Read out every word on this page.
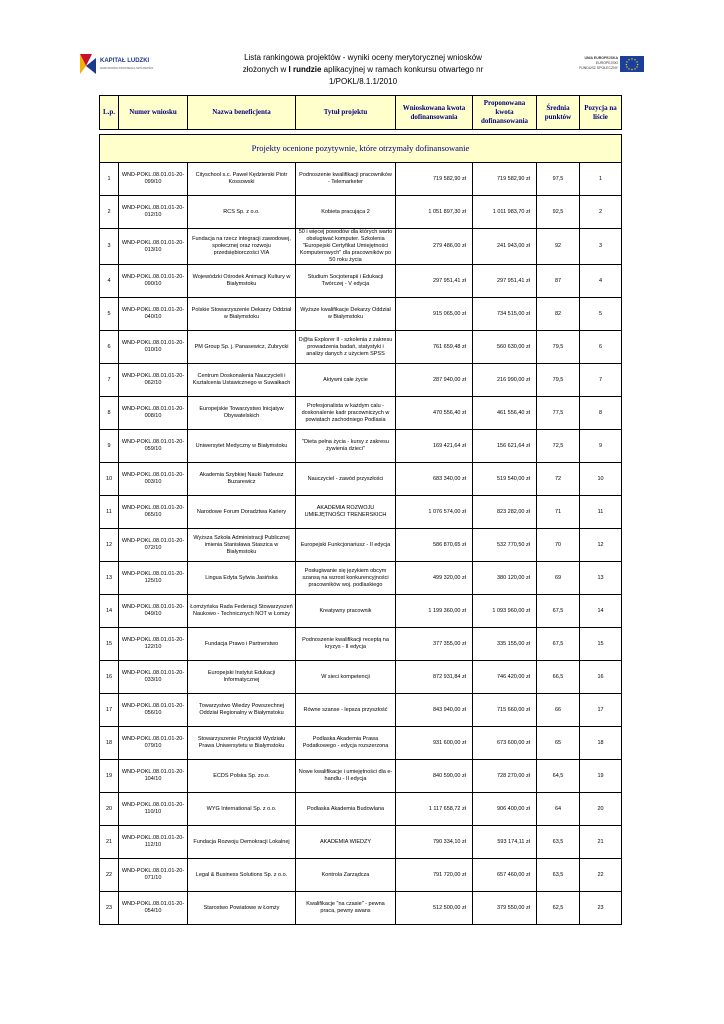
KAPITAŁ LUDZKI
NARODOWA STRATEGIA SPÓJNOŚCI
Lista rankingowa projektów - wyniki oceny merytorycznej wniosków
złożonych w I rundzie aplikacyjnej w ramach konkursu otwartego nr 1/POKL/8.1.1/2010
UNIA EUROPEJSKA
EUROPEJSKI
FUNDUSZ SPOŁECZNY
L.p.	Numer wniosku	Nazwa beneficjenta	Tytuł projektu	Wnioskowana kwota dofinansowania	Proponowana kwota dofinansowania	Średnia punktów	Pozycja na liście

Projekty ocenione pozytywnie, które otrzymały dofinansowanie							
1	WND-POKL.08.01.01-20-099/10	Cityschool s.c. Paweł Kędzierski Piotr Kossowski	Podnoszenie kwalifikacji pracowników - Telemarketer	719 582,90 zł	719 582,90 zł	97,5	1
2	WND-POKL.08.01.01-20-012/10	RCS Sp. z o.o.	Kobieta pracująca 2	1 051 897,30 zł	1 011 983,70 zł	92,5	2
3	WND-POKL.08.01.01-20-013/10	Fundacja na rzecz integracji zawodowej, społecznej oraz rozwoju przedsiębiorczości VIA	50 i więcej powodów dla których warto obsługiwać komputer. Szkolenia "Europejski Certyfikat Umiejętności Komputerowych" dla pracowników po 50 roku życia	279 486,00 zł	241 943,00 zł	92	3
4	WND-POKL.08.01.01-20-090/10	Wojewódzki Ośrodek Animacji Kultury w Białymstoku	Studium Socjoterapii i Edukacji Twórczej - V edycja	297 951,41 zł	297 951,41 zł	87	4
5	WND-POKL.08.01.01-20-040/10	Polskie Stowarzyszenie Dekarzy Oddział w Białymstoku	Wyższe kwalifikacje Dekarzy Oddział w Białymstoku	915 065,00 zł	734 515,00 zł	82	5
6	WND-POKL.08.01.01-20-010/10	PM Group Sp. j. Panasewicz, Zubrycki	D@ta Explorer II - szkolenia z zakresu prowadzenia badań, statystyki i analizy danych z użyciem SPSS	761 659,48 zł	560 630,00 zł	79,5	6
7	WND-POKL.08.01.01-20-062/10	Centrum Doskonalenia Nauczycieli i Kształcenia Ustawicznego w Suwałkach	Aktywni całe życie	287 940,00 zł	216 990,00 zł	79,5	7
8	WND-POKL.08.01.01-20-008/10	Europejskie Towarzystwo Inicjatyw Obywatelskich	Profesjonalista w każdym calu - doskonalenie kadr pracowniczych w powiatach zachodniego Podlasia	470 556,40 zł	461 556,40 zł	77,5	8
9	WND-POKL.08.01.01-20-059/10	Uniwersytet Medyczny w Białymstoku	"Dieta pełna życia - kursy z zakresu żywienia dzieci"	169 421,64 zł	156 621,64 zł	72,5	9
10	WND-POKL.08.01.01-20-003/10	Akademia Szybkiej Nauki Tadeusz Buzarewicz	Nauczyciel - zawód przyszłości	683 340,00 zł	519 540,00 zł	72	10
11	WND-POKL.08.01.01-20-065/10	Narodowe Forum Doradztwa Kariery	AKADEMIA ROZWOJU UMIEJĘTNOŚCI TRENERSKICH	1 076 574,00 zł	823 282,00 zł	71	11
12	WND-POKL.08.01.01-20-072/10	Wyższa Szkoła Administracji Publicznej imienia Stanisława Staszica w Białymstoku	Europejski Funkcjonariusz - II edycja	586 870,65 zł	532 770,50 zł	70	12
13	WND-POKL.08.01.01-20-125/10	Lingua Edyta Sylwia Jasińska	Posługiwanie się językiem obcym szansą na wzrost konkurencyjności pracowników woj. podlaskiego	499 320,00 zł	380 120,00 zł	69	13
14	WND-POKL.08.01.01-20-049/10	Łomżyńska Rada Federacji Stowarzyszeń Naukowo - Technicznych NOT w Łomży	Kreatywny pracownik	1 199 360,00 zł	1 093 960,00 zł	67,5	14
15	WND-POKL.08.01.01-20-122/10	Fundacja Prawo i Partnerstwo	Podnoszenie kwalifikacji receptą na kryzys - II edycja	377 355,00 zł	335 155,00 zł	67,5	15
16	WND-POKL.08.01.01-20-033/10	Europejski Instytut Edukacji Informatycznej	W sieci kompetencji	872 931,84 zł	746 420,00 zł	66,5	16
17	WND-POKL.08.01.01-20-056/10	Towarzystwo Wiedzy Powszechnej Oddział Regionalny w Białymstoku	Równe szanse - lepsza przyszłość	843 940,00 zł	715 660,00 zł	66	17
18	WND-POKL.08.01.01-20-079/10	Stowarzyszenie Przyjaciół Wydziału Prawa Uniwersytetu w Białymstoku	Podlaska Akademia Prawa Podatkowego - edycja rozszerzona	931 600,00 zł	673 600,00 zł	65	18
19	WND-POKL.08.01.01-20-104/10	ECDS Polska Sp. zo.o.	Nowe kwalifikacje i umiejętności dla e-handlu - II edycja	840 590,00 zł	728 270,00 zł	64,5	19
20	WND-POKL.08.01.01-20-110/10	WYG International Sp. z o.o.	Podlaska Akademia Budowlana	1 117 658,72 zł	906 400,00 zł	64	20
21	WND-POKL.08.01.01-20-112/10	Fundacja Rozwoju Demokracji Lokalnej	AKADEMIA WIEDZY	790 334,10 zł	593 174,11 zł	63,5	21
22	WND-POKL.08.01.01-20-071/10	Legal & Business Solutions Sp. z o.o.	Kontrola Zarządcza	791 720,00 zł	657 460,00 zł	63,5	22
23	WND-POKL.08.01.01-20-054/10	Starostwo Powiatowe w Łomży	Kwalifikacje "na czasie" - pewna praca, pewny awans	512 500,00 zł	379 550,00 zł	62,5	23
